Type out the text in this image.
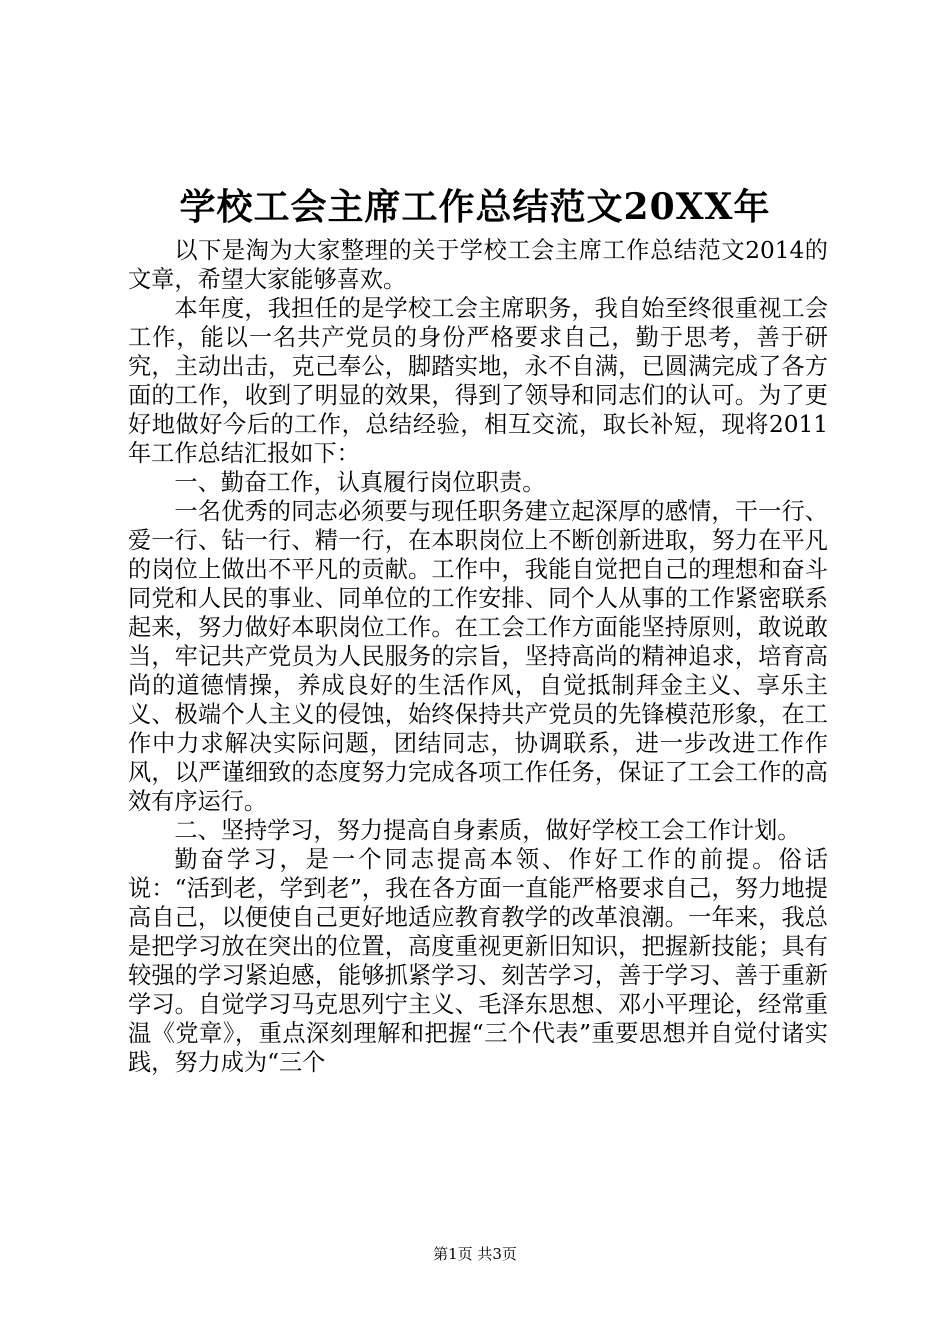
学校工会主席工作总结范文20XX年

以下是淘为大家整理的关于学校工会主席工作总结范文2014的文章，希望大家能够喜欢。

本年度，我担任的是学校工会主席职务，我自始至终很重视工会工作，能以一名共产党员的身份严格要求自己，勤于思考，善于研究，主动出击，克己奉公，脚踏实地，永不自满，已圆满完成了各方面的工作，收到了明显的效果，得到了领导和同志们的认可。为了更好地做好今后的工作，总结经验，相互交流，取长补短，现将2011年工作总结汇报如下：

一、勤奋工作，认真履行岗位职责。

一名优秀的同志必须要与现任职务建立起深厚的感情，干一行、爱一行、钻一行、精一行，在本职岗位上不断创新进取，努力在平凡的岗位上做出不平凡的贡献。工作中，我能自觉把自己的理想和奋斗同党和人民的事业、同单位的工作安排、同个人从事的工作紧密联系起来，努力做好本职岗位工作。在工会工作方面能坚持原则，敢说敢当，牢记共产党员为人民服务的宗旨，坚持高尚的精神追求，培育高尚的道德情操，养成良好的生活作风，自觉抵制拜金主义、享乐主义、极端个人主义的侵蚀，始终保持共产党员的先锋模范形象，在工作中力求解决实际问题，团结同志，协调联系，进一步改进工作作风，以严谨细致的态度努力完成各项工作任务，保证了工会工作的高效有序运行。

二、坚持学习，努力提高自身素质，做好学校工会工作计划。

勤奋学习，是一个同志提高本领、作好工作的前提。俗话说：“活到老，学到老”，我在各方面一直能严格要求自己，努力地提高自己，以便使自己更好地适应教育教学的改革浪潮。一年来，我总是把学习放在突出的位置，高度重视更新旧知识，把握新技能；具有较强的学习紧迫感，能够抓紧学习、刻苦学习，善于学习、善于重新学习。自觉学习马克思列宁主义、毛泽东思想、邓小平理论，经常重温《党章》，重点深刻理解和把握“三个代表”重要思想并自觉付诸实践，努力成为“三个

第1页 共3页
